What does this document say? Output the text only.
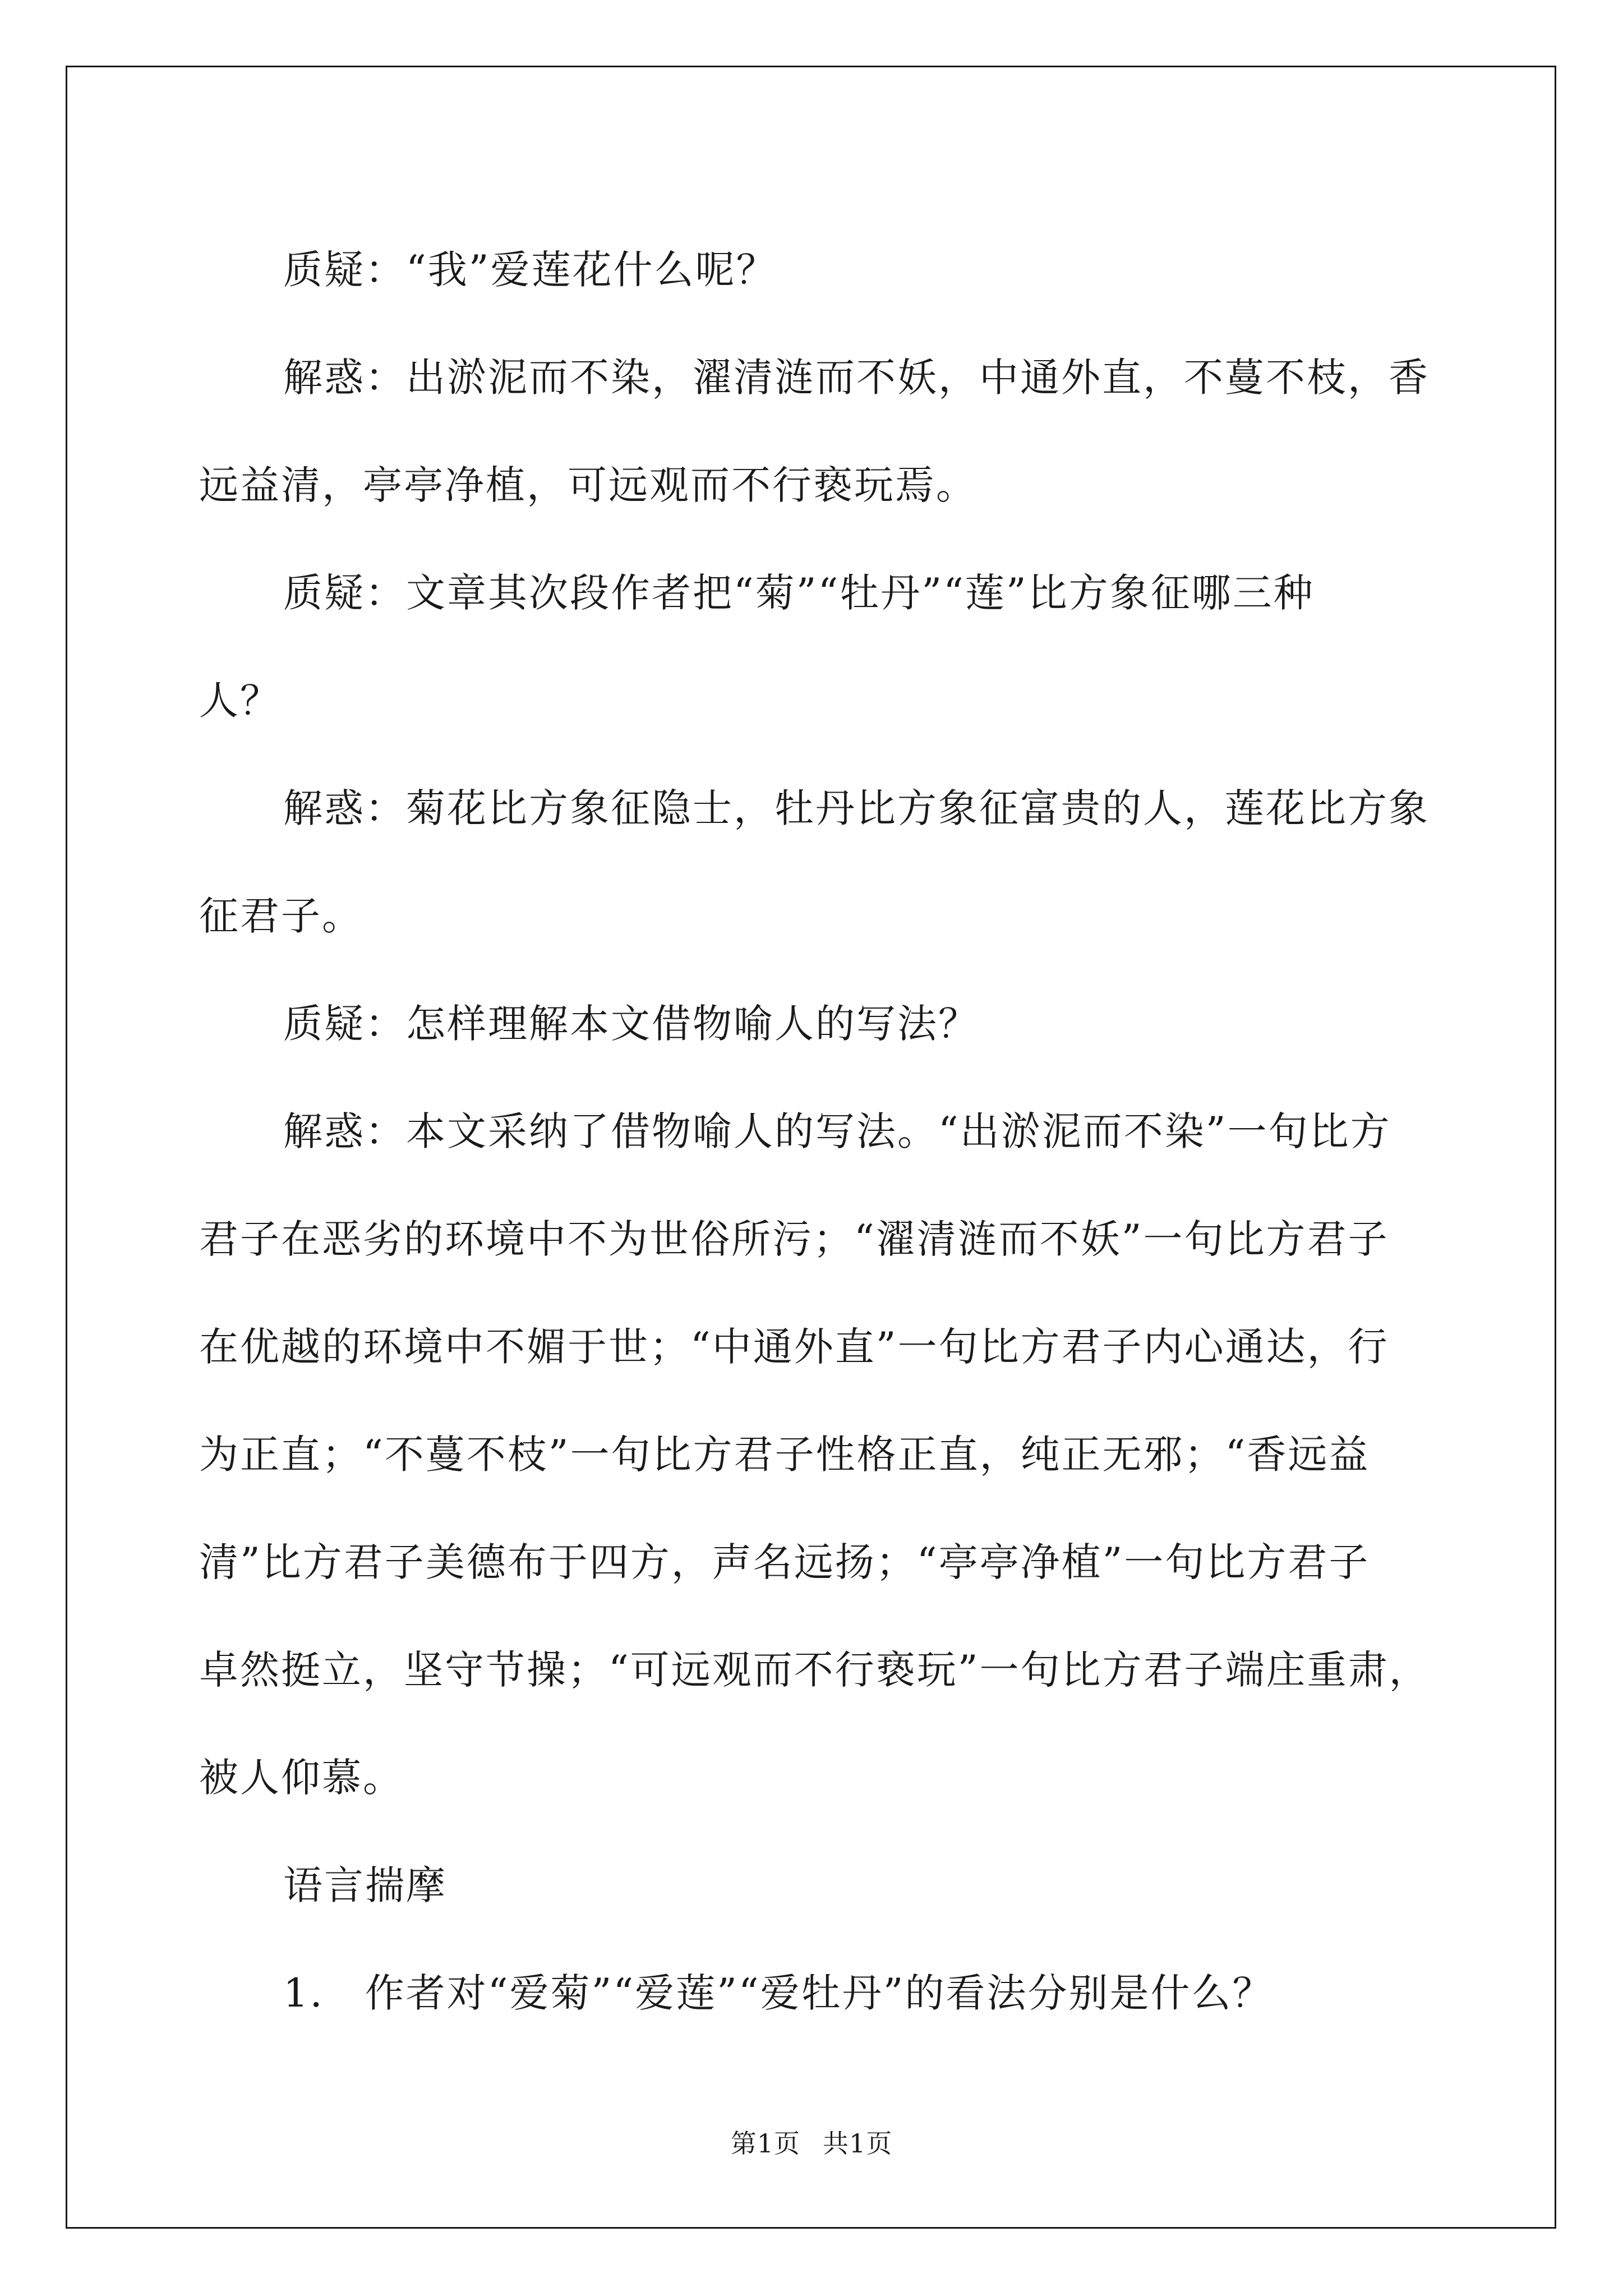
质疑：“我”爱莲花什么呢？
解惑：出淤泥而不染，濯清涟而不妖，中通外直，不蔓不枝，香
远益清，亭亭净植，可远观而不行亵玩焉。
质疑：文章其次段作者把“菊”“牡丹”“莲”比方象征哪三种
人？
解惑：菊花比方象征隐士，牡丹比方象征富贵的人，莲花比方象
征君子。
质疑：怎样理解本文借物喻人的写法？
解惑：本文采纳了借物喻人的写法。“出淤泥而不染”一句比方
君子在恶劣的环境中不为世俗所污；“濯清涟而不妖”一句比方君子
在优越的环境中不媚于世；“中通外直”一句比方君子内心通达，行
为正直；“不蔓不枝”一句比方君子性格正直，纯正无邪；“香远益
清”比方君子美德布于四方，声名远扬；“亭亭净植”一句比方君子
卓然挺立，坚守节操；“可远观而不行亵玩”一句比方君子端庄重肃，
被人仰慕。
语言揣摩
1.　作者对“爱菊”“爱莲”“爱牡丹”的看法分别是什么？
第1页 共1页
